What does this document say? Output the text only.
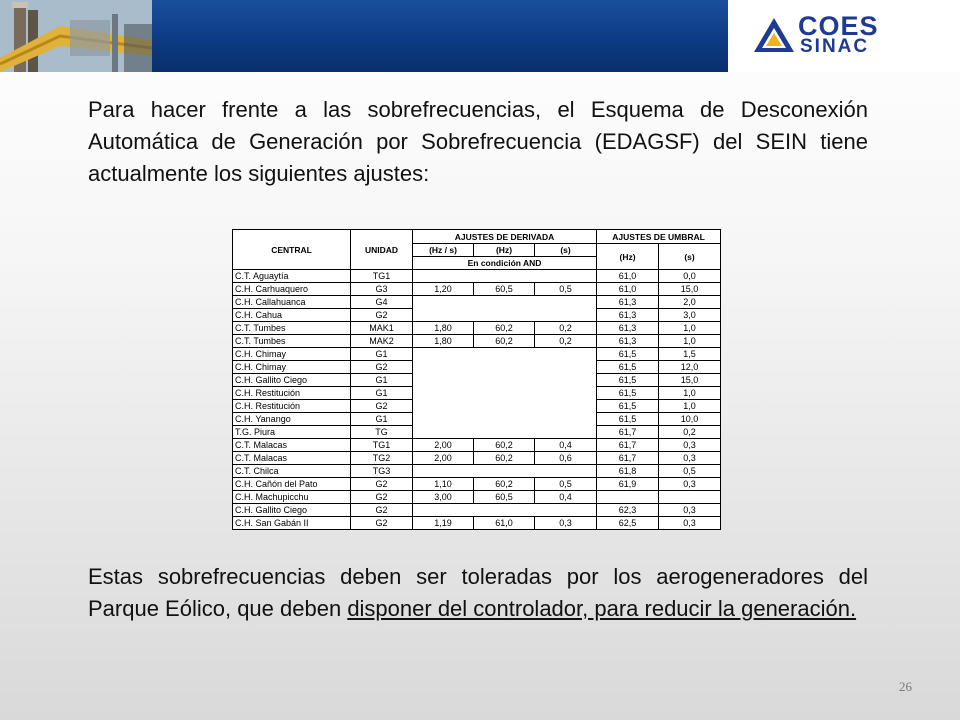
COES
SINAC
Para hacer frente a las sobrefrecuencias, el Esquema de Desconexión Automática de Generación por Sobrefrecuencia (EDAGSF) del SEIN tiene actualmente los siguientes ajustes:
CENTRAL	UNIDAD	AJUSTES DE DERIVADA			AJUSTES DE UMBRAL	
		(Hz / s)	(Hz)	(s)	(Hz)	(s)
		En condición AND				
C.T. Aguaytía	TG1				61,0	0,0
C.H. Carhuaquero	G3	1,20	60,5	0,5	61,0	15,0
C.H. Callahuanca	G4				61,3	2,0
C.H. Cahua	G2				61,3	3,0
C.T. Tumbes	MAK1	1,80	60,2	0,2	61,3	1,0
C.T. Tumbes	MAK2	1,80	60,2	0,2	61,3	1,0
C.H. Chimay	G1				61,5	1,5
C.H. Chimay	G2				61,5	12,0
C.H. Gallito Ciego	G1				61,5	15,0
C.H. Restitución	G1				61,5	1,0
C.H. Restitución	G2				61,5	1,0
C.H. Yanango	G1				61,5	10,0
T.G. Piura	TG				61,7	0,2
C.T. Malacas	TG1	2,00	60,2	0,4	61,7	0,3
C.T. Malacas	TG2	2,00	60,2	0,6	61,7	0,3
C.T. Chilca	TG3				61,8	0,5
C.H. Cañón del Pato	G2	1,10	60,2	0,5	61,9	0,3
C.H. Machupicchu	G2	3,00	60,5	0,4		
C.H. Gallito Ciego	G2				62,3	0,3
C.H. San Gabán II	G2	1,19	61,0	0,3	62,5	0,3
Estas sobrefrecuencias deben ser toleradas por los aerogeneradores del Parque Eólico, que deben disponer del controlador, para reducir la generación.
26
